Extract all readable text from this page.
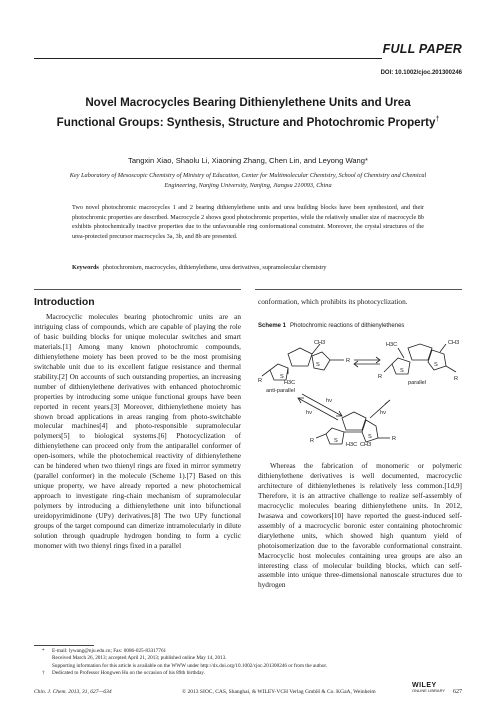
FULL PAPER
DOI: 10.1002/cjoc.201300246
Novel Macrocycles Bearing Dithienylethene Units and Urea Functional Groups: Synthesis, Structure and Photochromic Property†
Tangxin Xiao, Shaolu Li, Xiaoning Zhang, Chen Lin, and Leyong Wang*
Key Laboratory of Mesoscopic Chemistry of Ministry of Education, Center for Multimolecular Chemistry, School of Chemistry and Chemical Engineering, Nanjing University, Nanjing, Jiangsu 210093, China
Two novel photochromic macrocycles 1 and 2 bearing dithienylethene units and urea building blocks have been synthesized, and their photochromic properties are described. Macrocycle 2 shows good photochromic properties, while the relatively smaller size of macrocycle 8b exhibits photochemically inactive properties due to the unfavourable ring conformational constraint. Moreover, the crystal structures of the urea-protected precursor macrocycles 3a, 3b, and 8b are presented.
Keywords photochromism, macrocycles, dithienylethene, urea derivatives, supramolecular chemistry
Introduction
Macrocyclic molecules bearing photochromic units are an intriguing class of compounds, which are capable of playing the role of basic building blocks for unique molecular switches and smart materials.[1] Among many known photochromic compounds, dithienylethene moiety has been proved to be the most promising switchable unit due to its excellent fatigue resistance and thermal stability.[2] On accounts of such outstanding properties, an increasing number of dithienylethene derivatives with enhanced photochromic properties by introducing some unique functional groups have been reported in recent years.[3] Moreover, dithienylethene moiety has shown broad applications in areas ranging from photo-switchable molecular machines[4] and photo-responsible supramolecular polymers[5] to biological systems.[6] Photocyclization of dithienylethene can proceed only from the antiparallel conformer of open-isomers, while the photochemical reactivity of dithienylethene can be hindered when two thienyl rings are fixed in mirror symmetry (parallel conformer) in the molecule (Scheme 1).[7] Based on this unique property, we have already reported a new photochemical approach to investigate ring-chain mechanism of supramolecular polymers by introducing a dithienylethene unit into bifunctional ureidopyrimidinone (UPy) derivatives.[8] The two UPy functional groups of the target compound can dimerize intramolecularly in dilute solution through quadruple hydrogen bonding to form a cyclic monomer with two thienyl rings fixed in a parallel
conformation, which prohibits its photocyclization.
Scheme 1 Photochromic reactions of dithienylethenes
CH3
S
S
H3C
R
R
anti-parallel
H3C	CH3
S
S
R	R
parallel
hν
hν	hν
S
S
H3C CH3
R	R
Whereas the fabrication of monomeric or polymeric dithienylethene derivatives is well documented, macrocyclic architecture of dithienylethenes is relatively less common.[1d,9] Therefore, it is an attractive challenge to realize self-assembly of macrocyclic molecules bearing dithienylethene units. In 2012, Iwasawa and coworkers[10] have reported the guest-induced self-assembly of a macrocyclic boronic ester containing photochromic diarylethene units, which showed high quantum yield of photoisomerization due to the favorable conformational constraint. Macrocyclic host molecules containing urea groups are also an interesting class of molecular building blocks, which can self-assemble into unique three-dimensional nanoscale structures due to hydrogen
* E-mail: lywang@nju.edu.cn; Fax: 0086-025-83317761
Received March 26, 2013; accepted April 21, 2013; published online May 14, 2013.
Supporting information for this article is available on the WWW under http://dx.doi.org/10.1002/cjoc.201300246 or from the author.
† Dedicated to Professor Hongwen Hu on the occasion of his 89th birthday.
Chin. J. Chem. 2013, 31, 627—634	© 2013 SIOC, CAS, Shanghai, & WILEY-VCH Verlag GmbH & Co. KGaA, Weinheim
WILEY
ONLINE LIBRARY 627
